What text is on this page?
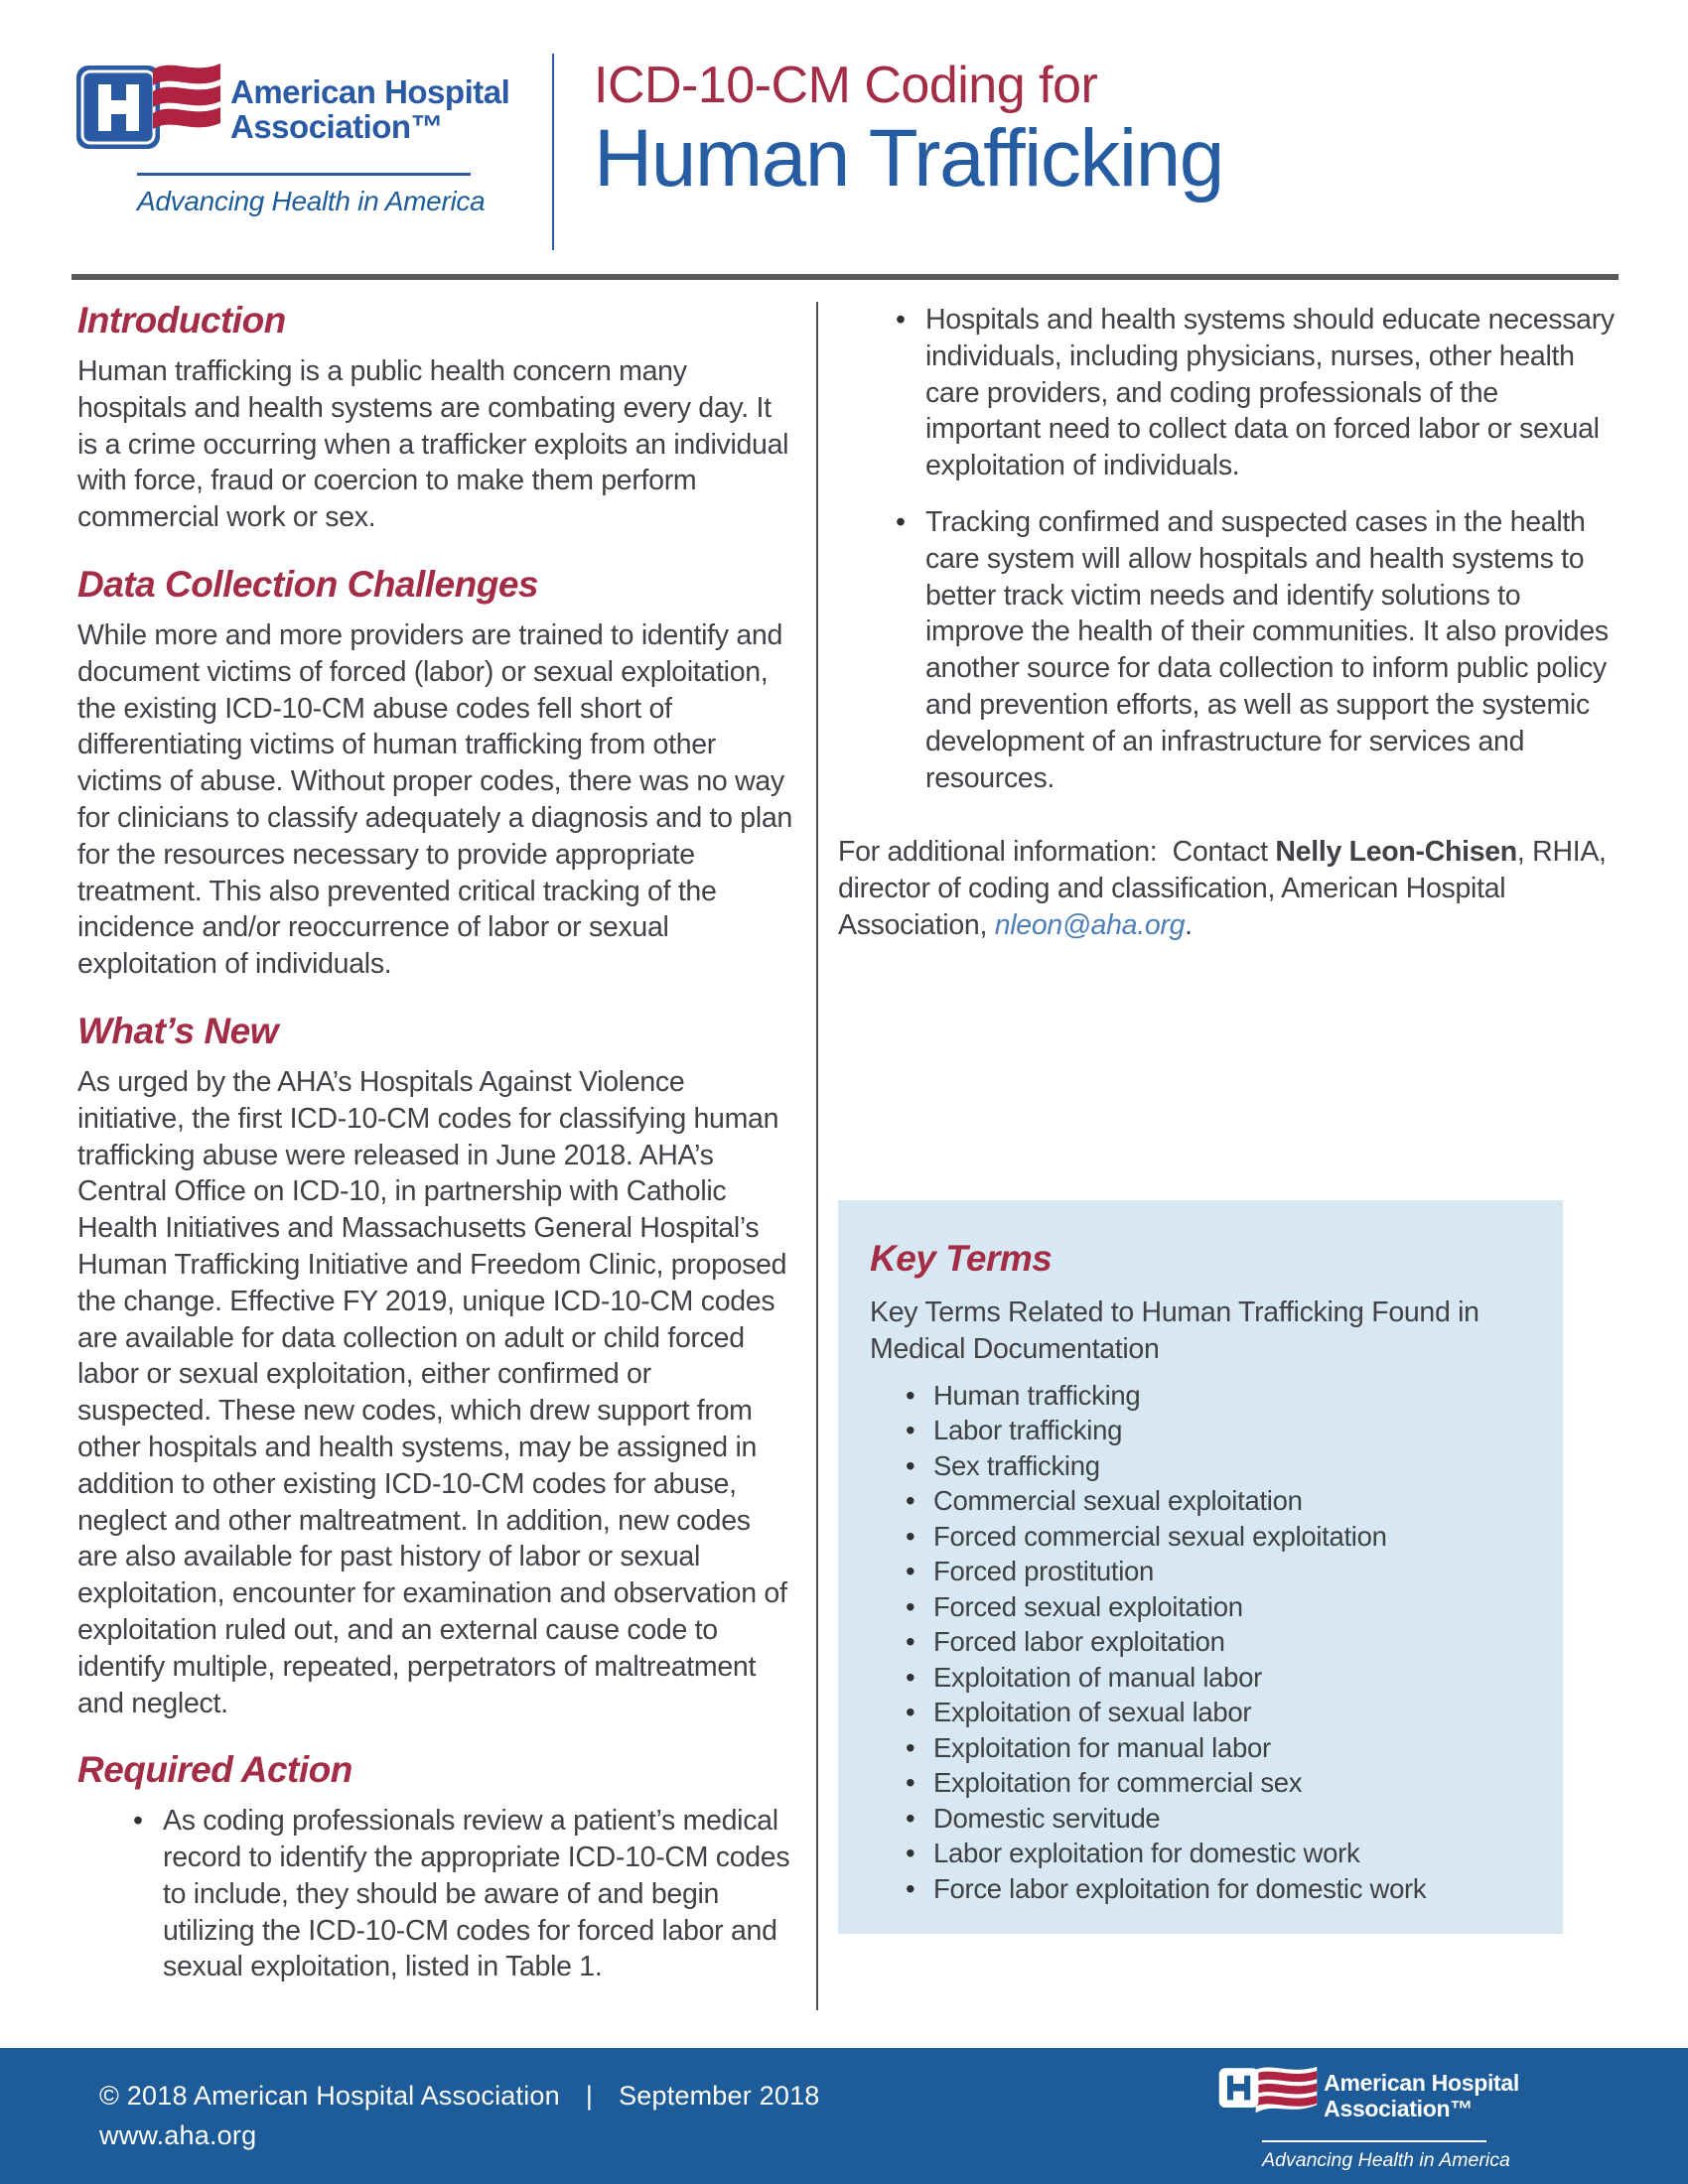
American Hospital
Association™
Advancing Health in America
ICD-10-CM Coding for
Human Trafficking
Introduction
Human trafficking is a public health concern many hospitals and health systems are combating every day. It is a crime occurring when a trafficker exploits an individual with force, fraud or coercion to make them perform commercial work or sex.
Data Collection Challenges
While more and more providers are trained to identify and document victims of forced (labor) or sexual exploitation, the existing ICD-10-CM abuse codes fell short of differentiating victims of human trafficking from other victims of abuse. Without proper codes, there was no way for clinicians to classify adequately a diagnosis and to plan for the resources necessary to provide appropriate treatment. This also prevented critical tracking of the incidence and/or reoccurrence of labor or sexual exploitation of individuals.
What’s New
As urged by the AHA’s Hospitals Against Violence initiative, the first ICD-10-CM codes for classifying human trafficking abuse were released in June 2018. AHA’s Central Office on ICD-10, in partnership with Catholic Health Initiatives and Massachusetts General Hospital’s Human Trafficking Initiative and Freedom Clinic, proposed the change. Effective FY 2019, unique ICD-10-CM codes are available for data collection on adult or child forced labor or sexual exploitation, either confirmed or suspected. These new codes, which drew support from other hospitals and health systems, may be assigned in addition to other existing ICD-10-CM codes for abuse, neglect and other maltreatment. In addition, new codes are also available for past history of labor or sexual exploitation, encounter for examination and observation of exploitation ruled out, and an external cause code to identify multiple, repeated, perpetrators of maltreatment and neglect.
Required Action
• As coding professionals review a patient’s medical record to identify the appropriate ICD-10-CM codes to include, they should be aware of and begin utilizing the ICD-10-CM codes for forced labor and sexual exploitation, listed in Table 1.
• Hospitals and health systems should educate necessary individuals, including physicians, nurses, other health care providers, and coding professionals of the important need to collect data on forced labor or sexual exploitation of individuals.
• Tracking confirmed and suspected cases in the health care system will allow hospitals and health systems to better track victim needs and identify solutions to improve the health of their communities. It also provides another source for data collection to inform public policy and prevention efforts, as well as support the systemic development of an infrastructure for services and resources.
For additional information:  Contact Nelly Leon-Chisen, RHIA, director of coding and classification, American Hospital Association, nleon@aha.org.
Key Terms
Key Terms Related to Human Trafficking Found in Medical Documentation
• Human trafficking
• Labor trafficking
• Sex trafficking
• Commercial sexual exploitation
• Forced commercial sexual exploitation
• Forced prostitution
• Forced sexual exploitation
• Forced labor exploitation
• Exploitation of manual labor
• Exploitation of sexual labor
• Exploitation for manual labor
• Exploitation for commercial sex
• Domestic servitude
• Labor exploitation for domestic work
• Force labor exploitation for domestic work
© 2018 American Hospital Association | September 2018
www.aha.org
American Hospital
Association™
Advancing Health in America
